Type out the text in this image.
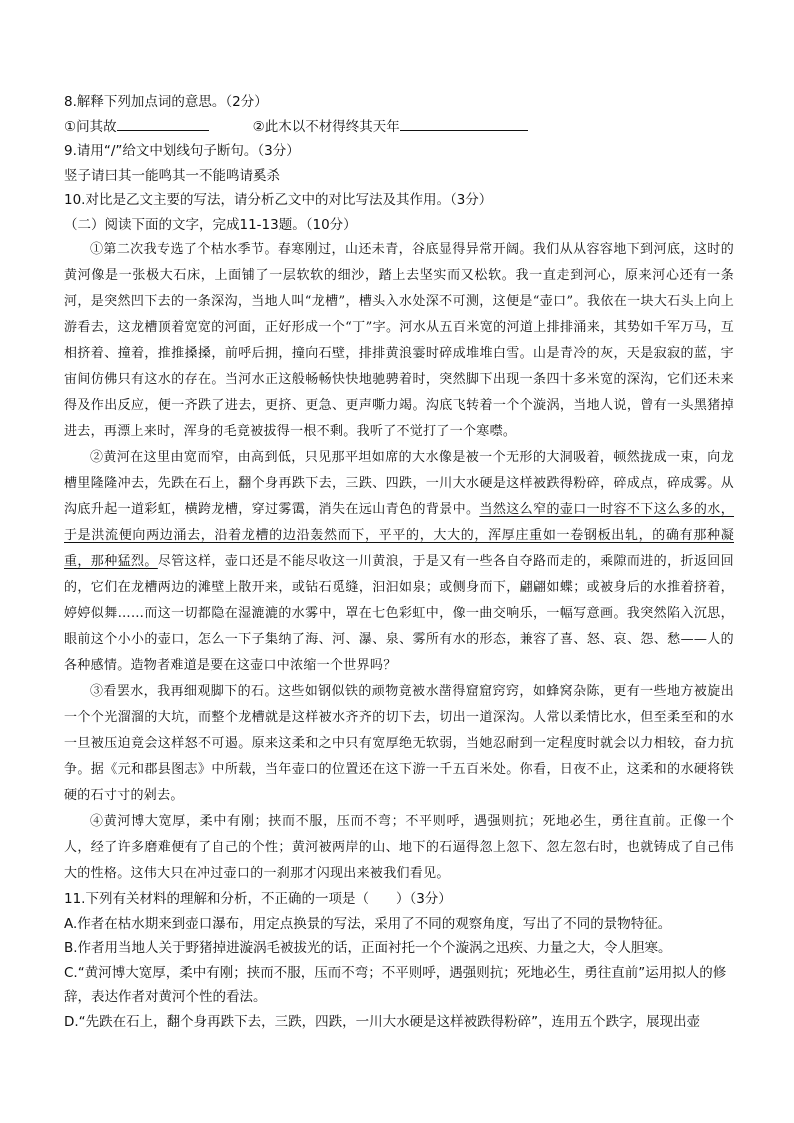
8.解释下列加点词的意思。（2分）
①问其故	②此木以不材得终其天年
9.请用“/”给文中划线句子断句。（3分）
竖子请曰其一能鸣其一不能鸣请奚杀
10.对比是乙文主要的写法，请分析乙文中的对比写法及其作用。（3分）
（二）阅读下面的文字，完成11-13题。（10分）

①第二次我专选了个枯水季节。春寒刚过，山还未青，谷底显得异常开阔。我们从从容容地下到河底，这时的黄河像是一张极大石床，上面铺了一层软软的细沙，踏上去坚实而又松软。我一直走到河心，原来河心还有一条河，是突然凹下去的一条深沟，当地人叫“龙槽”，槽头入水处深不可测，这便是“壶口”。我依在一块大石头上向上游看去，这龙槽顶着宽宽的河面，正好形成一个“丁”字。河水从五百米宽的河道上排排涌来，其势如千军万马，互相挤着、撞着，推推搡搡，前呼后拥，撞向石壁，排排黄浪霎时碎成堆堆白雪。山是青冷的灰，天是寂寂的蓝，宇宙间仿佛只有这水的存在。当河水正这般畅畅快快地驰骋着时，突然脚下出现一条四十多米宽的深沟，它们还未来得及作出反应，便一齐跌了进去，更挤、更急、更声嘶力竭。沟底飞转着一个个漩涡，当地人说，曾有一头黑猪掉进去，再漂上来时，浑身的毛竟被拔得一根不剩。我听了不觉打了一个寒噤。

②黄河在这里由宽而窄，由高到低，只见那平坦如席的大水像是被一个无形的大洞吸着，顿然拢成一束，向龙槽里隆隆冲去，先跌在石上，翻个身再跌下去，三跌、四跌，一川大水硬是这样被跌得粉碎，碎成点，碎成雾。从沟底升起一道彩虹，横跨龙槽，穿过雾霭，消失在远山青色的背景中。当然这么窄的壶口一时容不下这么多的水，于是洪流便向两边涌去，沿着龙槽的边沿轰然而下，平平的，大大的，浑厚庄重如一卷钢板出轧，的确有那种凝重，那种猛烈。尽管这样，壶口还是不能尽收这一川黄浪，于是又有一些各自夺路而走的，乘隙而进的，折返回回的，它们在龙槽两边的滩壁上散开来，或钻石觅缝，汩汩如泉；或侧身而下，翩翩如蝶；或被身后的水推着挤着，婷婷似舞……而这一切都隐在湿漉漉的水雾中，罩在七色彩虹中，像一曲交响乐，一幅写意画。我突然陷入沉思，眼前这个小小的壶口，怎么一下子集纳了海、河、瀑、泉、雾所有水的形态，兼容了喜、怒、哀、怨、愁——人的各种感情。造物者难道是要在这壶口中浓缩一个世界吗？

③看罢水，我再细观脚下的石。这些如钢似铁的顽物竟被水凿得窟窟窍窍，如蜂窝杂陈，更有一些地方被旋出一个个光溜溜的大坑，而整个龙槽就是这样被水齐齐的切下去，切出一道深沟。人常以柔情比水，但至柔至和的水一旦被压迫竟会这样怒不可遏。原来这柔和之中只有宽厚绝无软弱，当她忍耐到一定程度时就会以力相较，奋力抗争。据《元和郡县图志》中所载，当年壶口的位置还在这下游一千五百米处。你看，日夜不止，这柔和的水硬将铁硬的石寸寸的剁去。

④黄河博大宽厚，柔中有刚；挟而不服，压而不弯；不平则呼，遇强则抗；死地必生，勇往直前。正像一个人，经了许多磨难便有了自己的个性；黄河被两岸的山、地下的石逼得忽上忽下、忽左忽右时，也就铸成了自己伟大的性格。这伟大只在冲过壶口的一刹那才闪现出来被我们看见。

11.下列有关材料的理解和分析，不正确的一项是（　　）（3分）
A.作者在枯水期来到壶口瀑布，用定点换景的写法，采用了不同的观察角度，写出了不同的景物特征。
B.作者用当地人关于野猪掉进漩涡毛被拔光的话，正面衬托一个个漩涡之迅疾、力量之大，令人胆寒。
C.“黄河博大宽厚，柔中有刚；挟而不服，压而不弯；不平则呼，遇强则抗；死地必生，勇往直前”运用拟人的修辞，表达作者对黄河个性的看法。
D.“先跌在石上，翻个身再跌下去，三跌，四跌，一川大水硬是这样被跌得粉碎”，连用五个跌字，展现出壶
